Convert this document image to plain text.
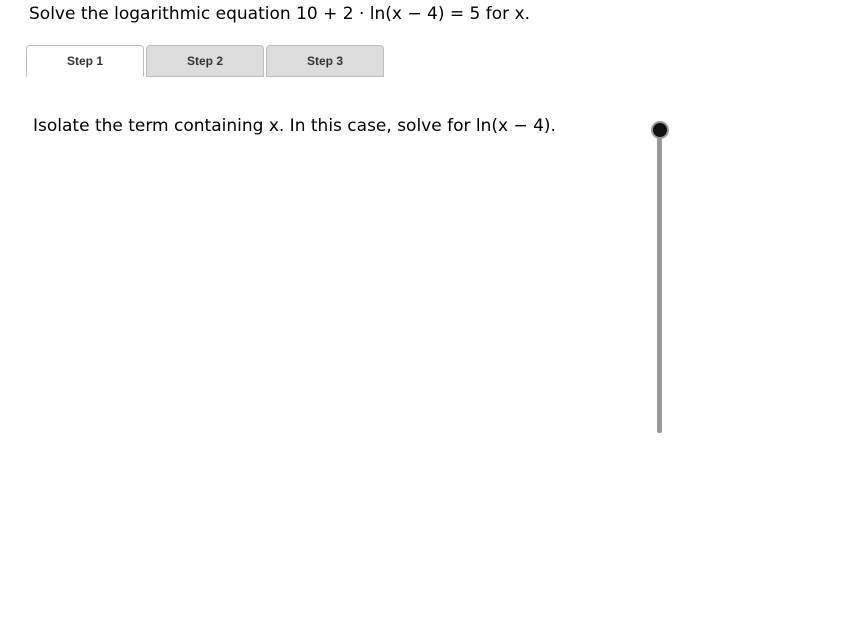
Solve the logarithmic equation 10 + 2 · ln(x − 4) = 5 for x.
Step 1	Step 2	Step 3
Isolate the term containing x. In this case, solve for ln(x − 4).
